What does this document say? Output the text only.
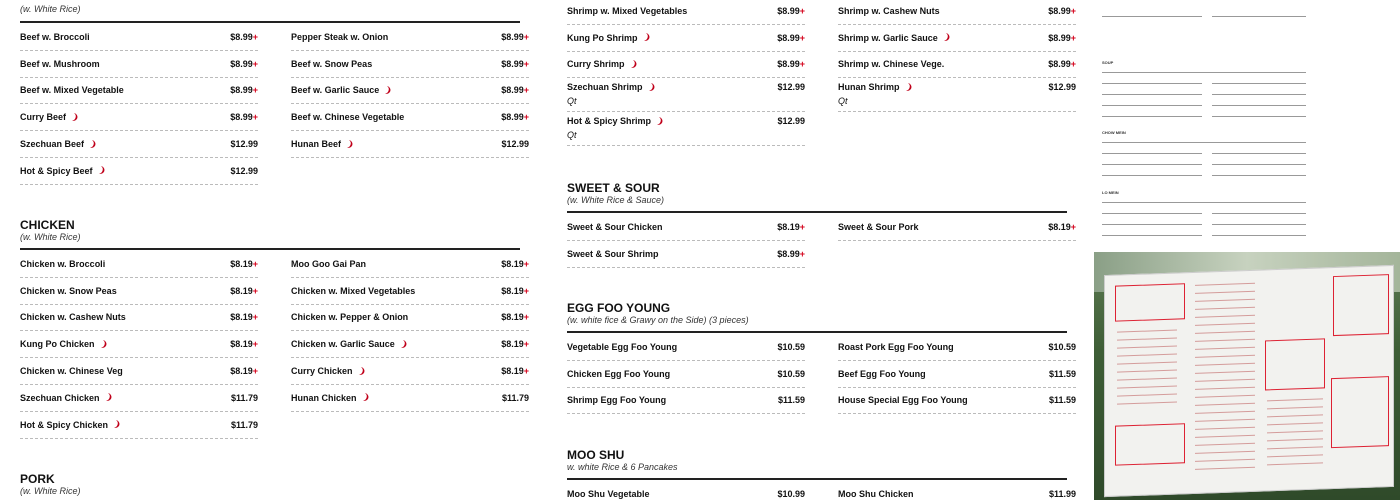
(w. White Rice)
Beef w. Broccoli	$8.99+
Beef w. Mushroom	$8.99+
Beef w. Mixed Vegetable	$8.99+
Curry Beef ❩	$8.99+
Szechuan Beef ❩	$12.99
Hot & Spicy Beef ❩	$12.99
Pepper Steak w. Onion	$8.99+
Beef w. Snow Peas	$8.99+
Beef w. Garlic Sauce ❩	$8.99+
Beef w. Chinese Vegetable	$8.99+
Hunan Beef ❩	$12.99
CHICKEN
(w. White Rice)
Chicken w. Broccoli	$8.19+
Chicken w. Snow Peas	$8.19+
Chicken w. Cashew Nuts	$8.19+
Kung Po Chicken ❩	$8.19+
Chicken w. Chinese Veg	$8.19+
Szechuan Chicken ❩	$11.79
Hot & Spicy Chicken ❩	$11.79
Moo Goo Gai Pan	$8.19+
Chicken w. Mixed Vegetables	$8.19+
Chicken w. Pepper & Onion	$8.19+
Chicken w. Garlic Sauce ❩	$8.19+
Curry Chicken ❩	$8.19+
Hunan Chicken ❩	$11.79
PORK
(w. White Rice)
Shrimp w. Mixed Vegetables	$8.99+
Kung Po Shrimp ❩	$8.99+
Curry Shrimp ❩	$8.99+
Szechuan Shrimp ❩	$12.99
Qt
Hot & Spicy Shrimp ❩	$12.99
Qt
Shrimp w. Cashew Nuts	$8.99+
Shrimp w. Garlic Sauce ❩	$8.99+
Shrimp w. Chinese Vege.	$8.99+
Hunan Shrimp ❩	$12.99
Qt
SWEET & SOUR
(w. White Rice & Sauce)
Sweet & Sour Chicken	$8.19+
Sweet & Sour Shrimp	$8.99+
Sweet & Sour Pork	$8.19+
EGG FOO YOUNG
(w. white fice & Grawy on the Side) (3 pieces)
Vegetable Egg Foo Young	$10.59
Chicken Egg Foo Young	$10.59
Shrimp Egg Foo Young	$11.59
Roast Pork Egg Foo Young	$10.59
Beef Egg Foo Young	$11.59
House Special Egg Foo Young	$11.59
MOO SHU
w. white Rice & 6 Pancakes
Moo Shu Vegetable	$10.99	Moo Shu Chicken	$11.99
SOUP
CHOW MEIN
LO MEIN
